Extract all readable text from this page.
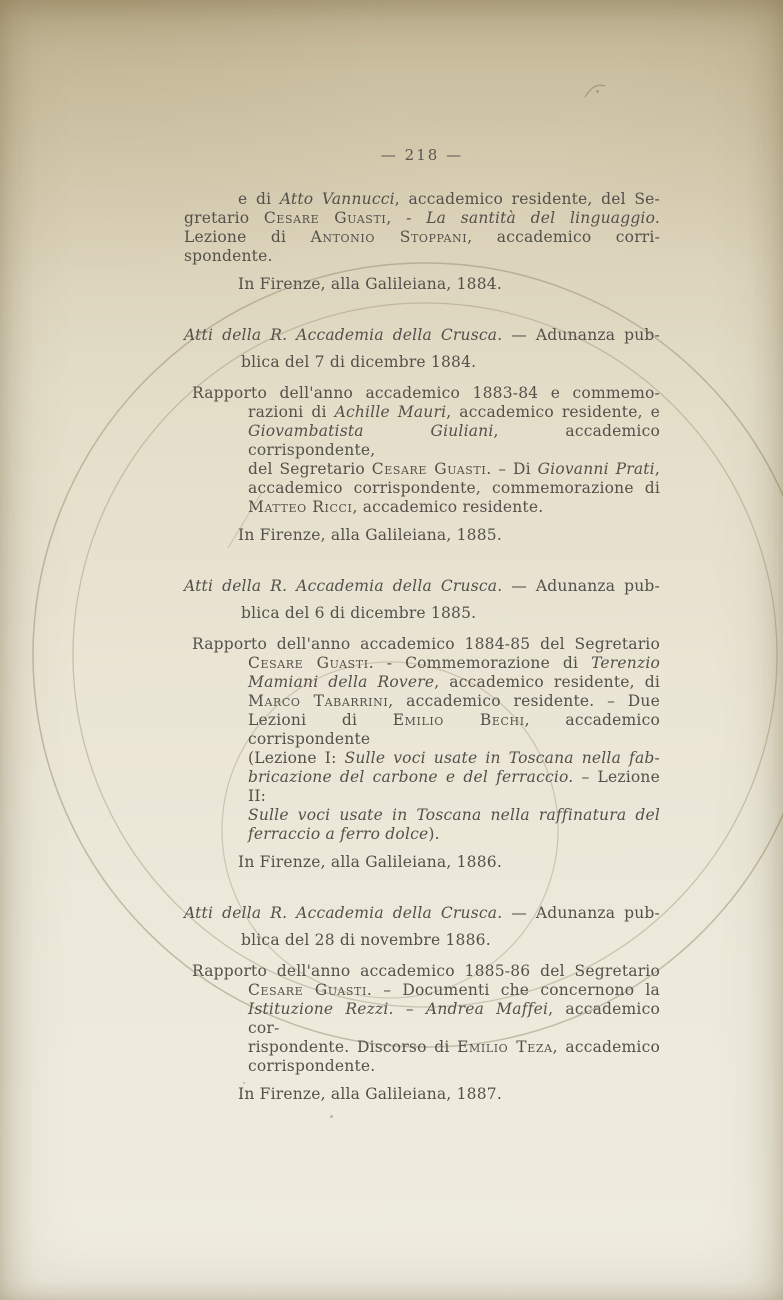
— 218 —
e di Atto Vannucci, accademico residente, del Se-
gretario Cesare Guasti, - La santità del linguaggio.
Lezione di Antonio Stoppani, accademico corri-
spondente.
In Firenze, alla Galileiana, 1884.
Atti della R. Accademia della Crusca. — Adunanza pub-
blica del 7 di dicembre 1884.
Rapporto dell'anno accademico 1883-84 e commemo-
razioni di Achille Mauri, accademico residente, e
Giovambatista Giuliani, accademico corrispondente,
del Segretario Cesare Guasti. – Di Giovanni Prati,
accademico corrispondente, commemorazione di
Matteo Ricci, accademico residente.
In Firenze, alla Galileiana, 1885.
Atti della R. Accademia della Crusca. — Adunanza pub-
blica del 6 di dicembre 1885.
Rapporto dell'anno accademico 1884-85 del Segretario
Cesare Guasti. - Commemorazione di Terenzio
Mamiani della Rovere, accademico residente, di
Marco Tabarrini, accademico residente. – Due
Lezioni di Emilio Bechi, accademico corrispondente
(Lezione I: Sulle voci usate in Toscana nella fab-
bricazione del carbone e del ferraccio. – Lezione II:
Sulle voci usate in Toscana nella raffinatura del
ferraccio a ferro dolce).
In Firenze, alla Galileiana, 1886.
Atti della R. Accademia della Crusca. — Adunanza pub-
blica del 28 di novembre 1886.
Rapporto dell'anno accademico 1885-86 del Segretario
Cesare Guasti. – Documenti che concernono la
Istituzione Rezzi. – Andrea Maffei, accademico cor-
rispondente. Discorso di Emilio Teza, accademico
corrispondente.
In Firenze, alla Galileiana, 1887.
